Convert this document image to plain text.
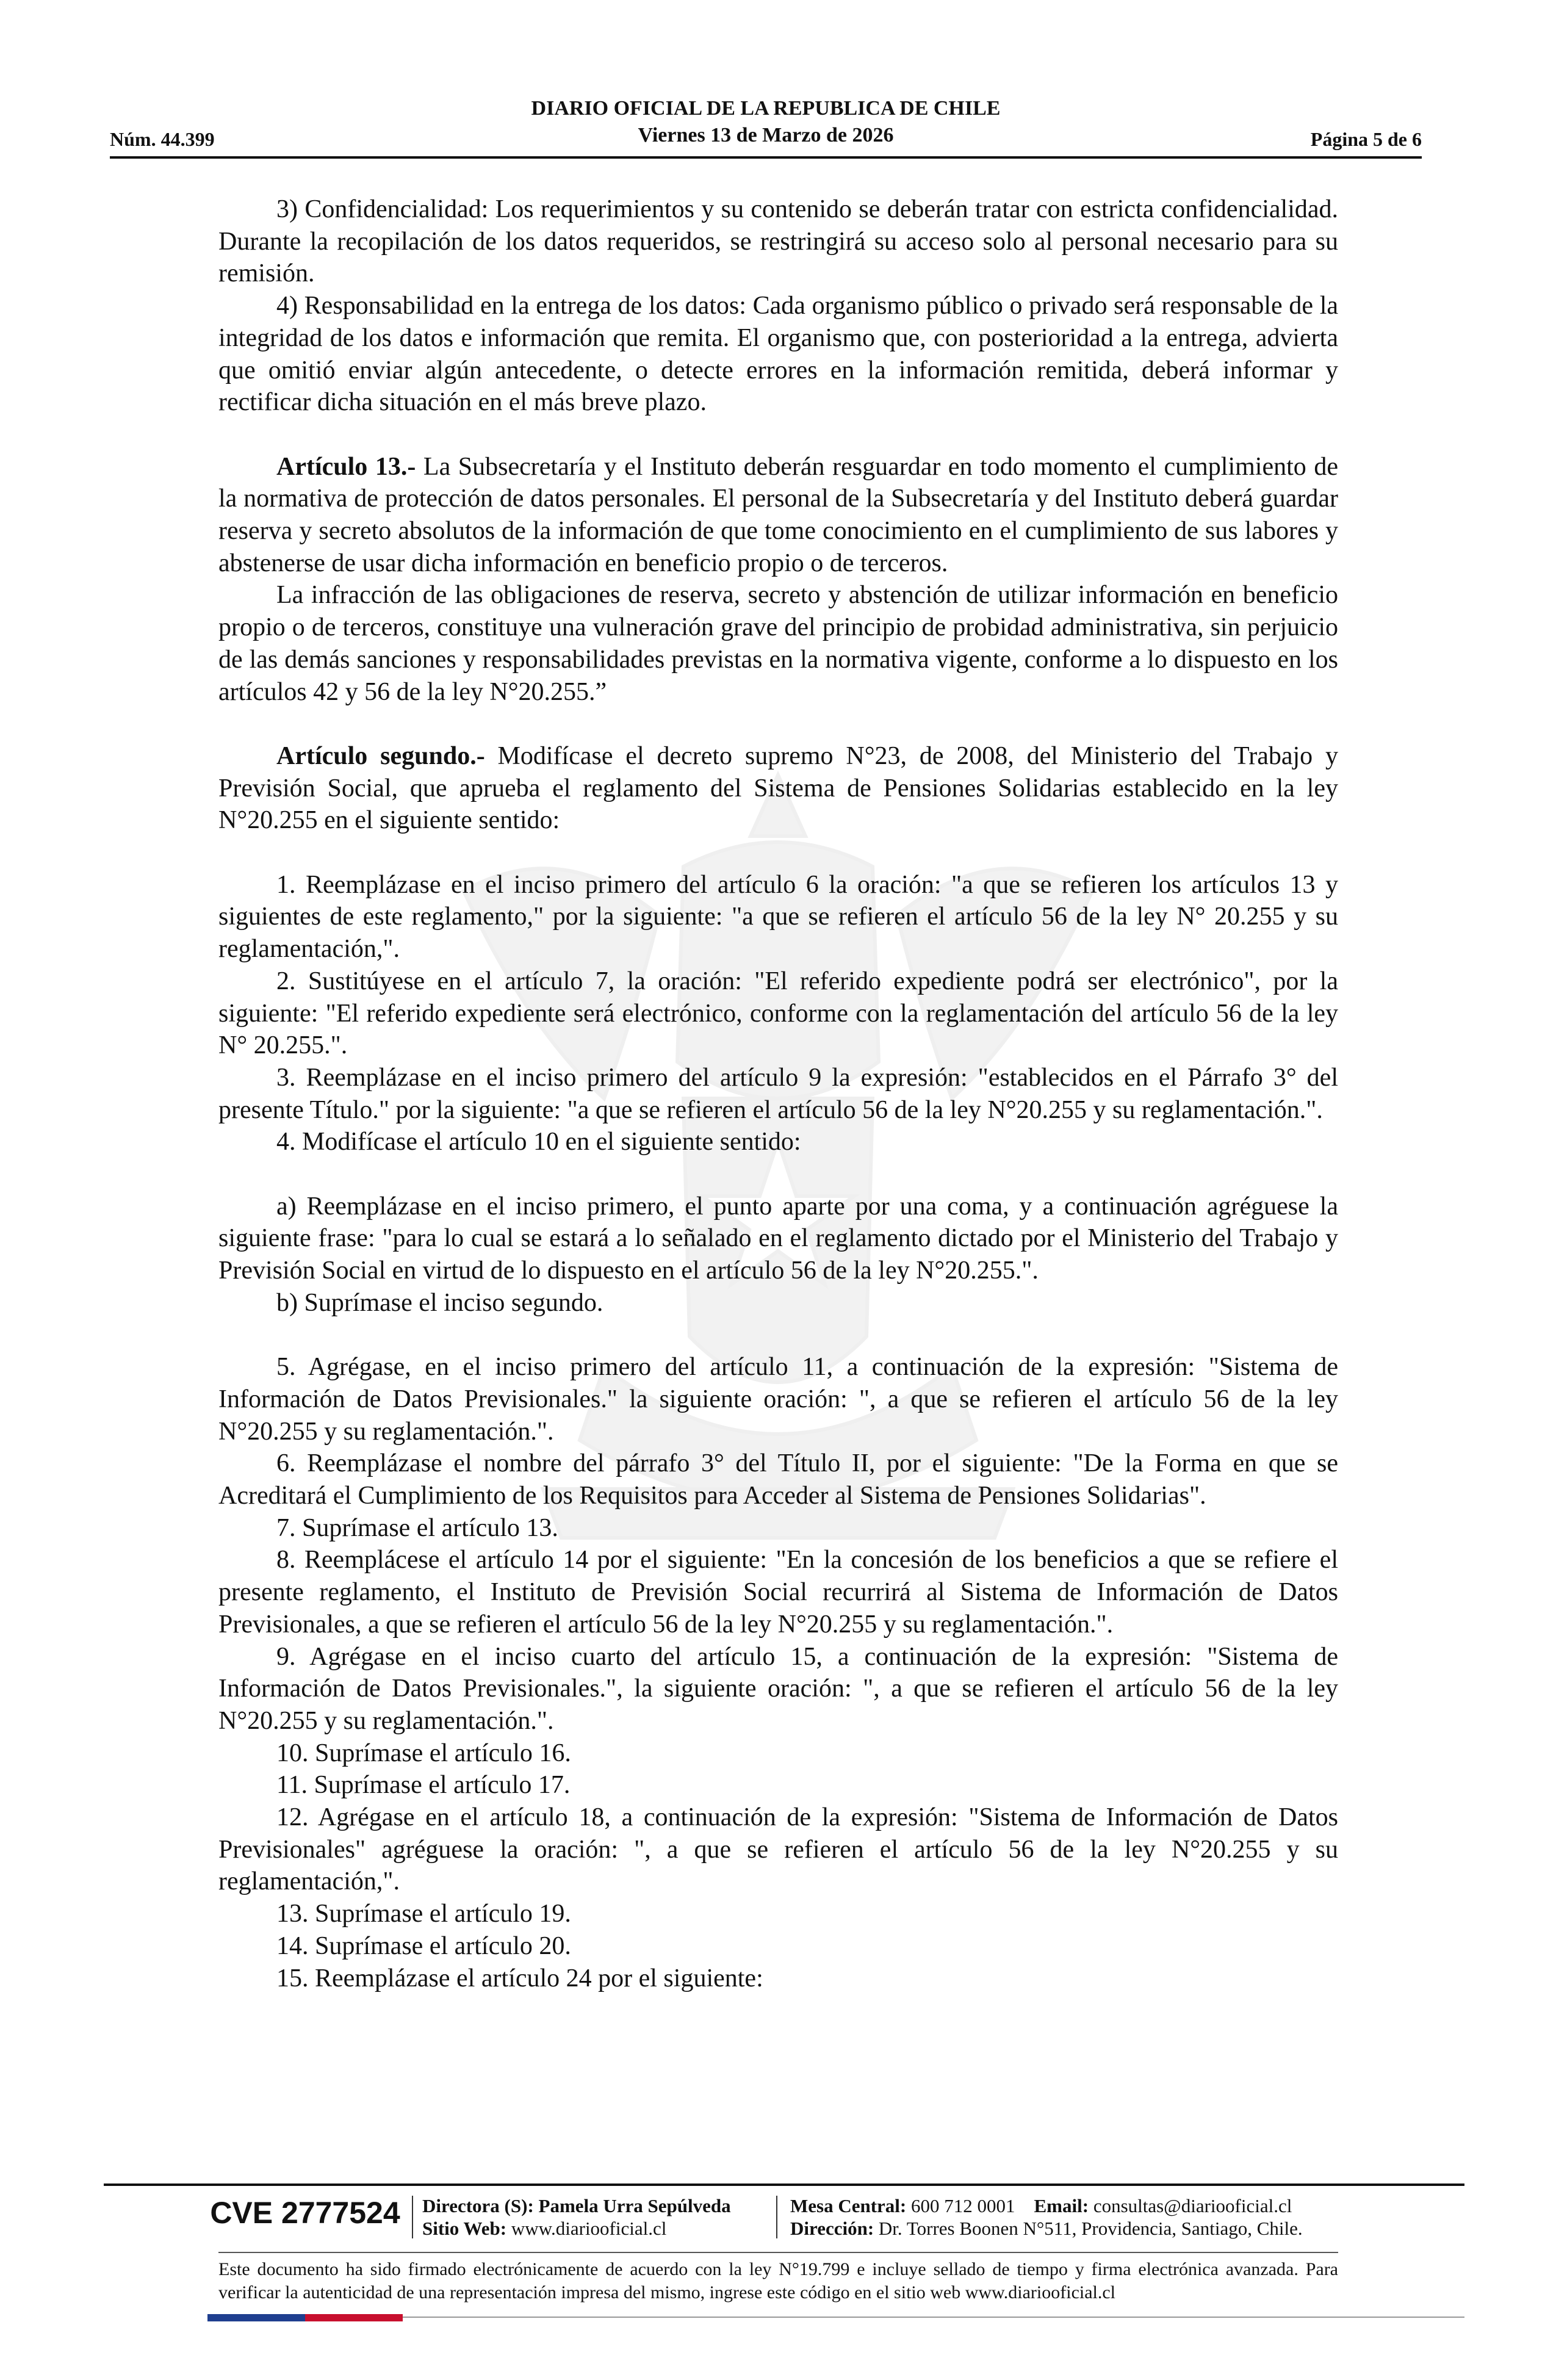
Núm. 44.399
DIARIO OFICIAL DE LA REPUBLICA DE CHILE
Viernes 13 de Marzo de 2026	Página 5 de 6

3) Confidencialidad: Los requerimientos y su contenido se deberán tratar con estricta confidencialidad. Durante la recopilación de los datos requeridos, se restringirá su acceso solo al personal necesario para su remisión.

4) Responsabilidad en la entrega de los datos: Cada organismo público o privado será responsable de la integridad de los datos e información que remita. El organismo que, con posterioridad a la entrega, advierta que omitió enviar algún antecedente, o detecte errores en la información remitida, deberá informar y rectificar dicha situación en el más breve plazo.

Artículo 13.- La Subsecretaría y el Instituto deberán resguardar en todo momento el cumplimiento de la normativa de protección de datos personales. El personal de la Subsecretaría y del Instituto deberá guardar reserva y secreto absolutos de la información de que tome conocimiento en el cumplimiento de sus labores y abstenerse de usar dicha información en beneficio propio o de terceros.

La infracción de las obligaciones de reserva, secreto y abstención de utilizar información en beneficio propio o de terceros, constituye una vulneración grave del principio de probidad administrativa, sin perjuicio de las demás sanciones y responsabilidades previstas en la normativa vigente, conforme a lo dispuesto en los artículos 42 y 56 de la ley N°20.255.”

Artículo segundo.- Modifícase el decreto supremo N°23, de 2008, del Ministerio del Trabajo y Previsión Social, que aprueba el reglamento del Sistema de Pensiones Solidarias establecido en la ley N°20.255 en el siguiente sentido:

1. Reemplázase en el inciso primero del artículo 6 la oración: "a que se refieren los artículos 13 y siguientes de este reglamento," por la siguiente: "a que se refieren el artículo 56 de la ley N° 20.255 y su reglamentación,".

2. Sustitúyese en el artículo 7, la oración: "El referido expediente podrá ser electrónico", por la siguiente: "El referido expediente será electrónico, conforme con la reglamentación del artículo 56 de la ley N° 20.255.".

3. Reemplázase en el inciso primero del artículo 9 la expresión: "establecidos en el Párrafo 3° del presente Título." por la siguiente: "a que se refieren el artículo 56 de la ley N°20.255 y su reglamentación.".

4. Modifícase el artículo 10 en el siguiente sentido:

a) Reemplázase en el inciso primero, el punto aparte por una coma, y a continuación agréguese la siguiente frase: "para lo cual se estará a lo señalado en el reglamento dictado por el Ministerio del Trabajo y Previsión Social en virtud de lo dispuesto en el artículo 56 de la ley N°20.255.".

b) Suprímase el inciso segundo.

5. Agrégase, en el inciso primero del artículo 11, a continuación de la expresión: "Sistema de Información de Datos Previsionales." la siguiente oración: ", a que se refieren el artículo 56 de la ley N°20.255 y su reglamentación.".

6. Reemplázase el nombre del párrafo 3° del Título II, por el siguiente: "De la Forma en que se Acreditará el Cumplimiento de los Requisitos para Acceder al Sistema de Pensiones Solidarias".

7. Suprímase el artículo 13.

8. Reemplácese el artículo 14 por el siguiente: "En la concesión de los beneficios a que se refiere el presente reglamento, el Instituto de Previsión Social recurrirá al Sistema de Información de Datos Previsionales, a que se refieren el artículo 56 de la ley N°20.255 y su reglamentación.".

9. Agrégase en el inciso cuarto del artículo 15, a continuación de la expresión: "Sistema de Información de Datos Previsionales.", la siguiente oración: ", a que se refieren el artículo 56 de la ley N°20.255 y su reglamentación.".

10. Suprímase el artículo 16.

11. Suprímase el artículo 17.

12. Agrégase en el artículo 18, a continuación de la expresión: "Sistema de Información de Datos Previsionales" agréguese la oración: ", a que se refieren el artículo 56 de la ley N°20.255 y su reglamentación,".

13. Suprímase el artículo 19.

14. Suprímase el artículo 20.

15. Reemplázase el artículo 24 por el siguiente:

CVE 2777524 Directora (S): Pamela Urra Sepúlveda
Sitio Web: www.diariooficial.cl
Mesa Central: 600 712 0001 Email: consultas@diariooficial.cl
Dirección: Dr. Torres Boonen N°511, Providencia, Santiago, Chile.
Este documento ha sido firmado electrónicamente de acuerdo con la ley N°19.799 e incluye sellado de tiempo y firma electrónica avanzada. Para verificar la autenticidad de una representación impresa del mismo, ingrese este código en el sitio web www.diariooficial.cl
